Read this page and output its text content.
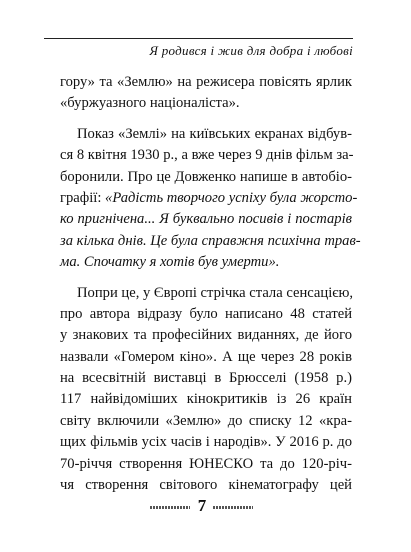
Я родився і жив для добра і любові
гору» та «Землю» на режисера повісять ярлик
«буржуазного націоналіста».
Показ «Землі» на київських екранах відбув-
ся 8 квітня 1930 р., а вже через 9 днів фільм за-
боронили. Про це Довженко напише в автобіо-
графії: «Радість творчого успіху була жорсто-
ко пригнічена... Я буквально посивів і постарів
за кілька днів. Це була справжня психічна трав-
ма. Спочатку я хотів був умерти».
Попри це, у Європі стрічка стала сенсацією,
про автора відразу було написано 48 статей
у знакових та професійних виданнях, де його
назвали «Гомером кіно». А ще через 28 років
на всесвітній виставці в Брюсселі (1958 р.)
117 найвідоміших кінокритиків із 26 країн
світу включили «Землю» до списку 12 «кра-
щих фільмів усіх часів і народів». У 2016 р. до
70-річчя створення ЮНЕСКО та до 120-річ-
чя створення світового кінематографу цей
7
